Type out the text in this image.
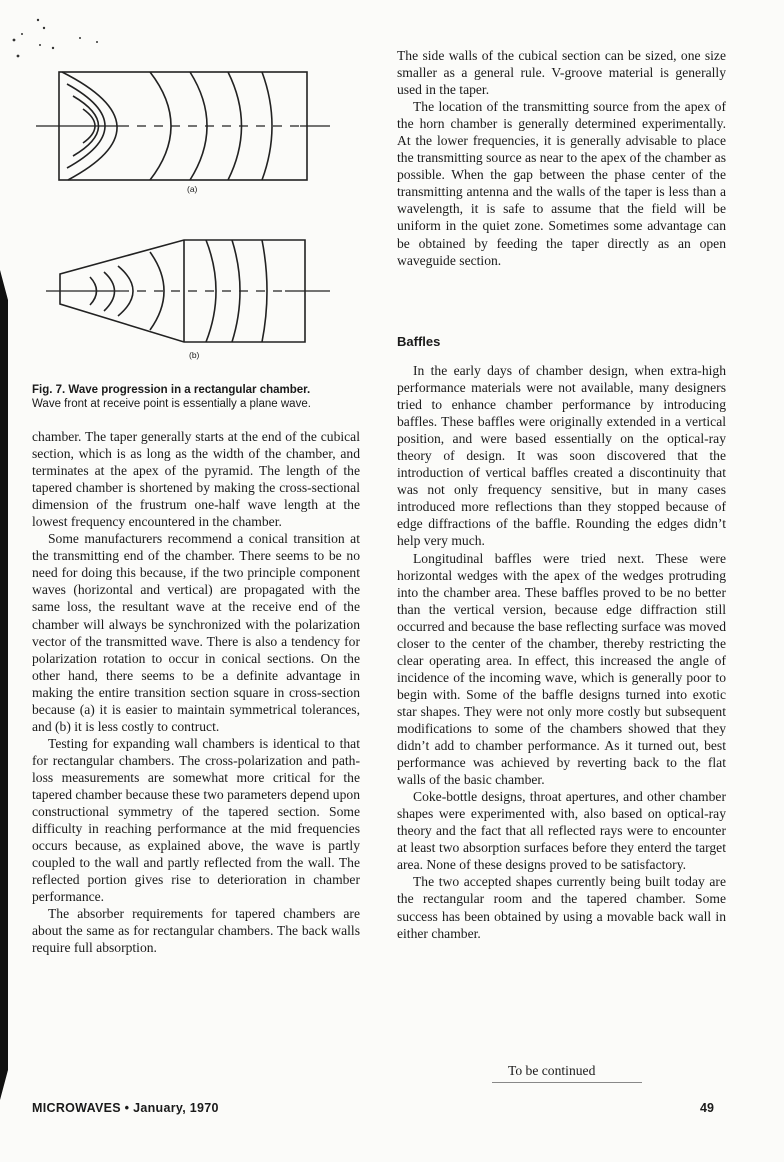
(a)
(b)
Fig. 7. Wave progression in a rectangular chamber.
Wave front at receive point is essentially a plane wave.

chamber. The taper generally starts at the end of the cubical section, which is as long as the width of the chamber, and terminates at the apex of the pyramid. The length of the tapered chamber is shortened by making the cross-sectional dimension of the frustrum one-half wave length at the lowest frequency encountered in the chamber.

Some manufacturers recommend a conical transition at the transmitting end of the chamber. There seems to be no need for doing this because, if the two principle component waves (horizontal and vertical) are propagated with the same loss, the resultant wave at the receive end of the chamber will always be synchronized with the polarization vector of the transmitted wave. There is also a tendency for polarization rotation to occur in conical sections. On the other hand, there seems to be a definite advantage in making the entire transition section square in cross-section because (a) it is easier to maintain symmetrical tolerances, and (b) it is less costly to contruct.

Testing for expanding wall chambers is identical to that for rectangular chambers. The cross-polarization and path-loss measurements are somewhat more critical for the tapered chamber because these two parameters depend upon constructional symmetry of the tapered section. Some difficulty in reaching performance at the mid frequencies occurs because, as explained above, the wave is partly coupled to the wall and partly reflected from the wall. The reflected portion gives rise to deterioration in chamber performance.

The absorber requirements for tapered chambers are about the same as for rectangular chambers. The back walls require full absorption.

The side walls of the cubical section can be sized, one size smaller as a general rule. V-groove material is generally used in the taper.

The location of the transmitting source from the apex of the horn chamber is generally determined experimentally. At the lower frequencies, it is generally advisable to place the transmitting source as near to the apex of the chamber as possible. When the gap between the phase center of the transmitting antenna and the walls of the taper is less than a wavelength, it is safe to assume that the field will be uniform in the quiet zone. Sometimes some advantage can be obtained by feeding the taper directly as an open waveguide section.

Baffles

In the early days of chamber design, when extra-high performance materials were not available, many designers tried to enhance chamber performance by introducing baffles. These baffles were originally extended in a vertical position, and were based essentially on the optical-ray theory of design. It was soon discovered that the introduction of vertical baffles created a discontinuity that was not only frequency sensitive, but in many cases introduced more reflections than they stopped because of edge diffractions of the baffle. Rounding the edges didn’t help very much.

Longitudinal baffles were tried next. These were horizontal wedges with the apex of the wedges protruding into the chamber area. These baffles proved to be no better than the vertical version, because edge diffraction still occurred and because the base reflecting surface was moved closer to the center of the chamber, thereby restricting the clear operating area. In effect, this increased the angle of incidence of the incoming wave, which is generally poor to begin with. Some of the baffle designs turned into exotic star shapes. They were not only more costly but subsequent modifications to some of the chambers showed that they didn’t add to chamber performance. As it turned out, best performance was achieved by reverting back to the flat walls of the basic chamber.

Coke-bottle designs, throat apertures, and other chamber shapes were experimented with, also based on optical-ray theory and the fact that all reflected rays were to encounter at least two absorption surfaces before they enterd the target area. None of these designs proved to be satisfactory.

The two accepted shapes currently being built today are the rectangular room and the tapered chamber. Some success has been obtained by using a movable back wall in either chamber.

To be continued
MICROWAVES • January, 1970	49
